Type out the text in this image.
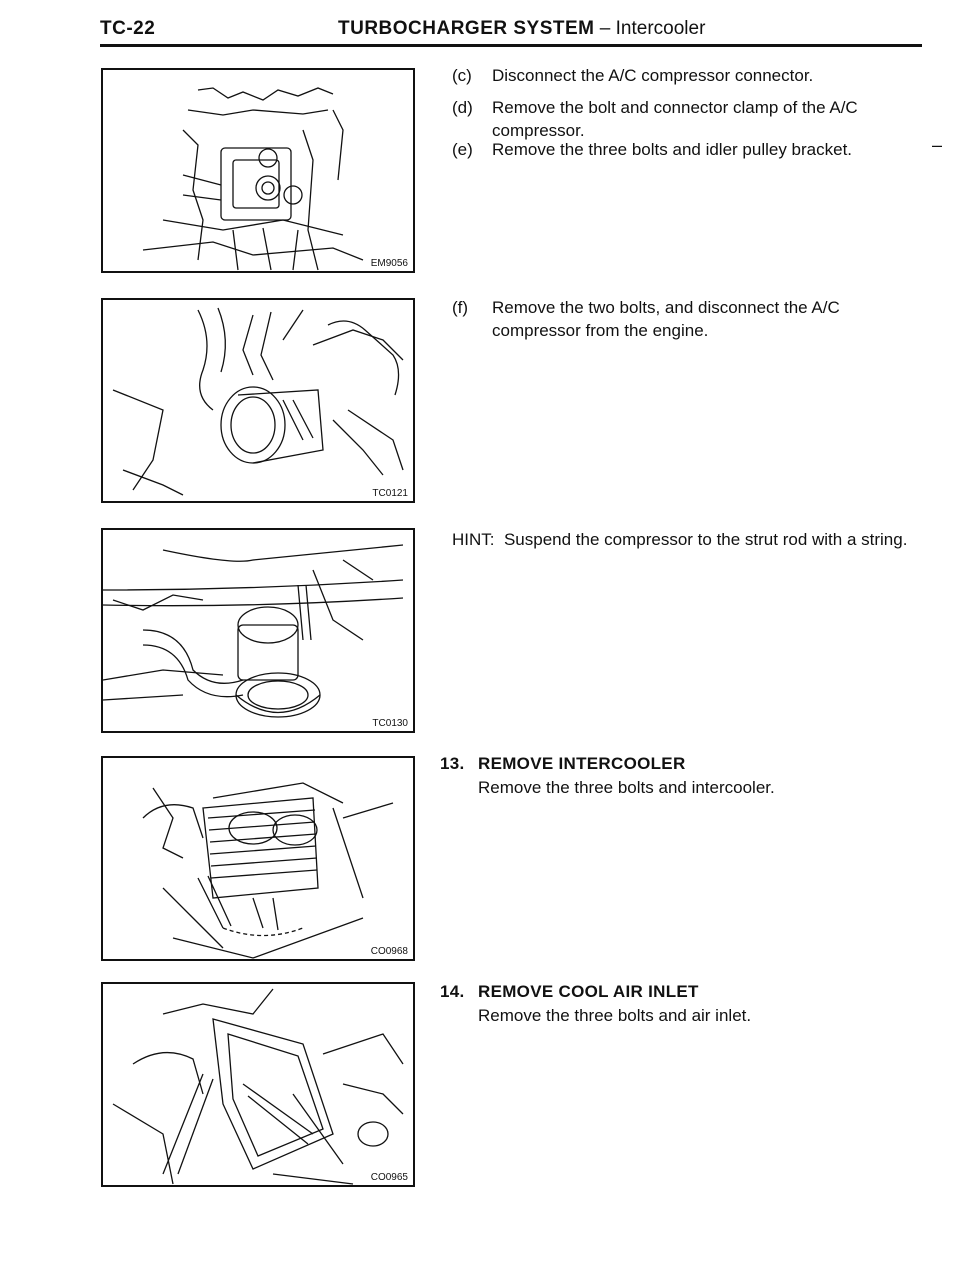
TC-22	TURBOCHARGER SYSTEM – Intercooler
EM9056
TC0121
TC0130
CO0968
CO0965
(c) Disconnect the A/C compressor connector.
(d) Remove the bolt and connector clamp of the A/C compressor.
(e) Remove the three bolts and idler pulley bracket.	–
(f) Remove the two bolts, and disconnect the A/C compressor from the engine.
HINT: Suspend the compressor to the strut rod with a string.
13. REMOVE INTERCOOLER
Remove the three bolts and intercooler.
14. REMOVE COOL AIR INLET
Remove the three bolts and air inlet.
